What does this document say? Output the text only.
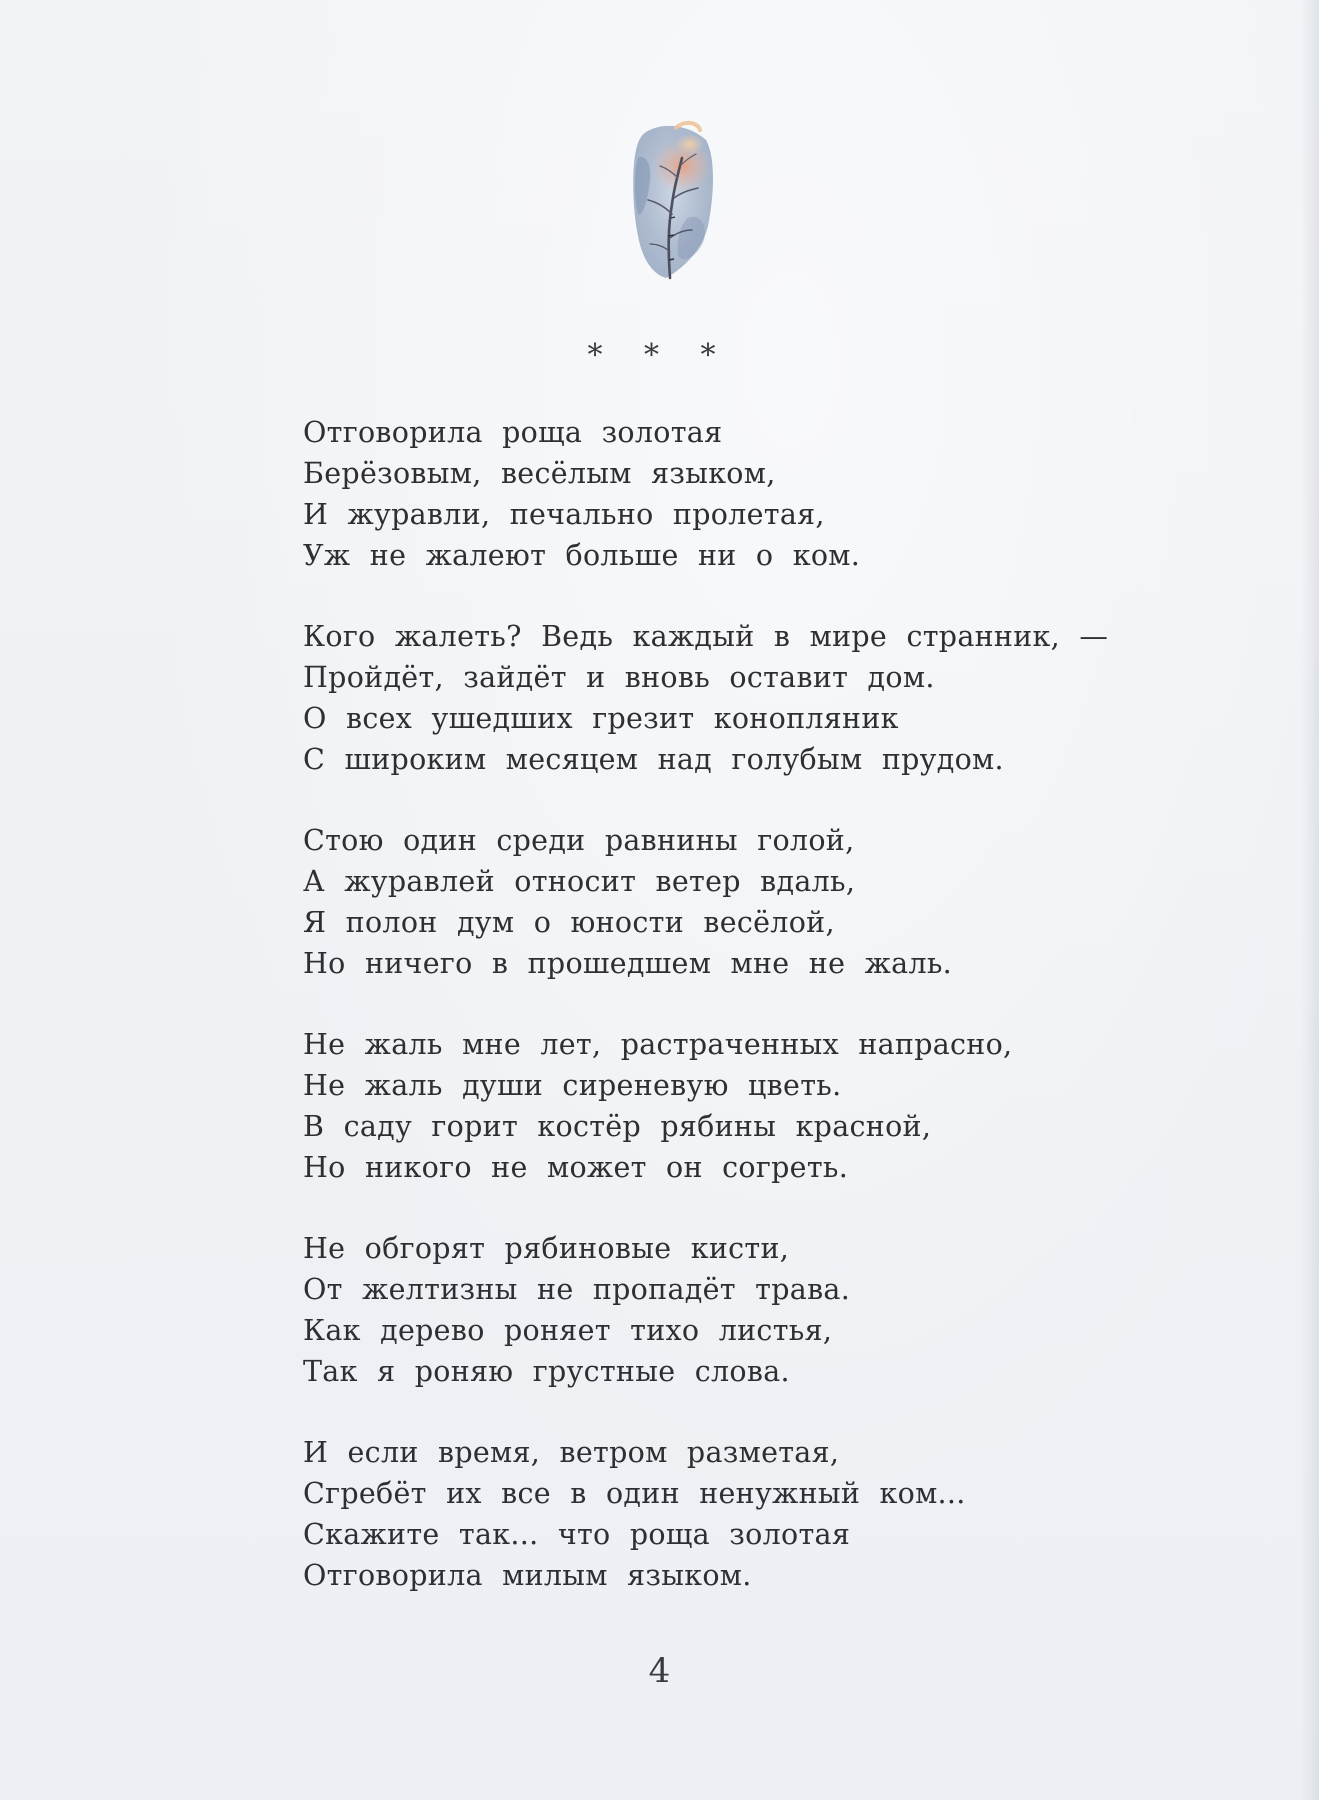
* * *

Отговорила роща золотая
Берёзовым, весёлым языком,
И журавли, печально пролетая,
Уж не жалеют больше ни о ком.
Кого жалеть? Ведь каждый в мире странник, —
Пройдёт, зайдёт и вновь оставит дом.
О всех ушедших грезит конопляник
С широким месяцем над голубым прудом.
Стою один среди равнины голой,
А журавлей относит ветер вдаль,
Я полон дум о юности весёлой,
Но ничего в прошедшем мне не жаль.
Не жаль мне лет, растраченных напрасно,
Не жаль души сиреневую цветь.
В саду горит костёр рябины красной,
Но никого не может он согреть.
Не обгорят рябиновые кисти,
От желтизны не пропадёт трава.
Как дерево роняет тихо листья,
Так я роняю грустные слова.
И если время, ветром разметая,
Сгребёт их все в один ненужный ком...
Скажите так... что роща золотая
Отговорила милым языком.

4
